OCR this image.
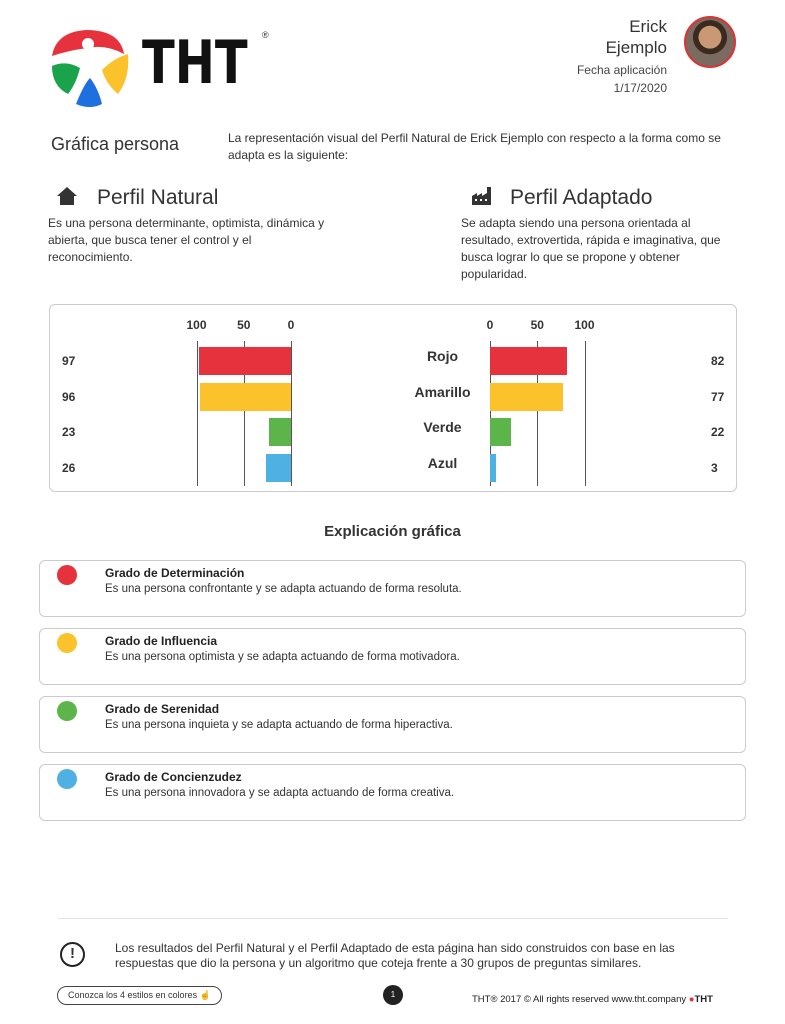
THT ®	Erick
Ejemplo
Fecha aplicación
1/17/2020
Gráfica persona	La representación visual del Perfil Natural de Erick Ejemplo con respecto a la forma como se adapta es la siguiente:
Perfil Natural
Es una persona determinante, optimista, dinámica y abierta, que busca tener el control y el reconocimiento.
Perfil Adaptado
Se adapta siendo una persona orientada al resultado, extrovertida, rápida e imaginativa, que busca lograr lo que se propone y obtener popularidad.
100	50	0	0	50	100
97	82
Rojo
96	77
Amarillo
23	22
Verde
26	3
Azul
Explicación gráfica
Grado de Determinación
Es una persona confrontante y se adapta actuando de forma resoluta.
Grado de Influencia
Es una persona optimista y se adapta actuando de forma motivadora.
Grado de Serenidad
Es una persona inquieta y se adapta actuando de forma hiperactiva.
Grado de Concienzudez
Es una persona innovadora y se adapta actuando de forma creativa.
!	Los resultados del Perfil Natural y el Perfil Adaptado de esta página han sido construidos con base en las respuestas que dio la persona y un algoritmo que coteja frente a 30 grupos de preguntas similares.
Conozca los 4 estilos en colores ☝	1	THT® 2017 © All rights reserved www.tht.company ●THT
